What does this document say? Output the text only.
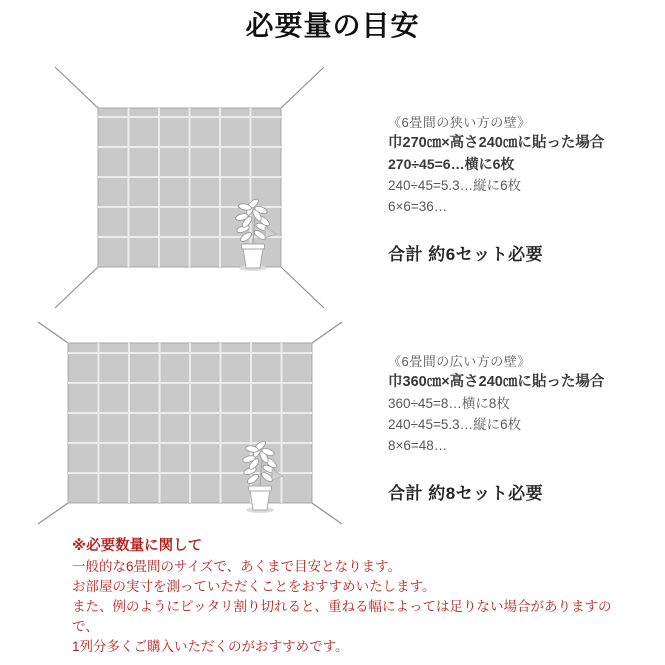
必要量の目安
《6畳間の狭い方の壁》
巾270㎝×高さ240㎝に貼った場合
270÷45=6…横に6枚
240÷45=5.3…縦に6枚
6×6=36…
合計 約6セット必要
《6畳間の広い方の壁》
巾360㎝×高さ240㎝に貼った場合
360÷45=8…横に8枚
240÷45=5.3…縦に6枚
8×6=48…
合計 約8セット必要
※必要数量に関して
一般的な6畳間のサイズで、あくまで目安となります。
お部屋の実寸を測っていただくことをおすすめいたします。
また、例のようにピッタリ割り切れると、重ねる幅によっては足りない場合がありますので、
1列分多くご購入いただくのがおすすめです。
